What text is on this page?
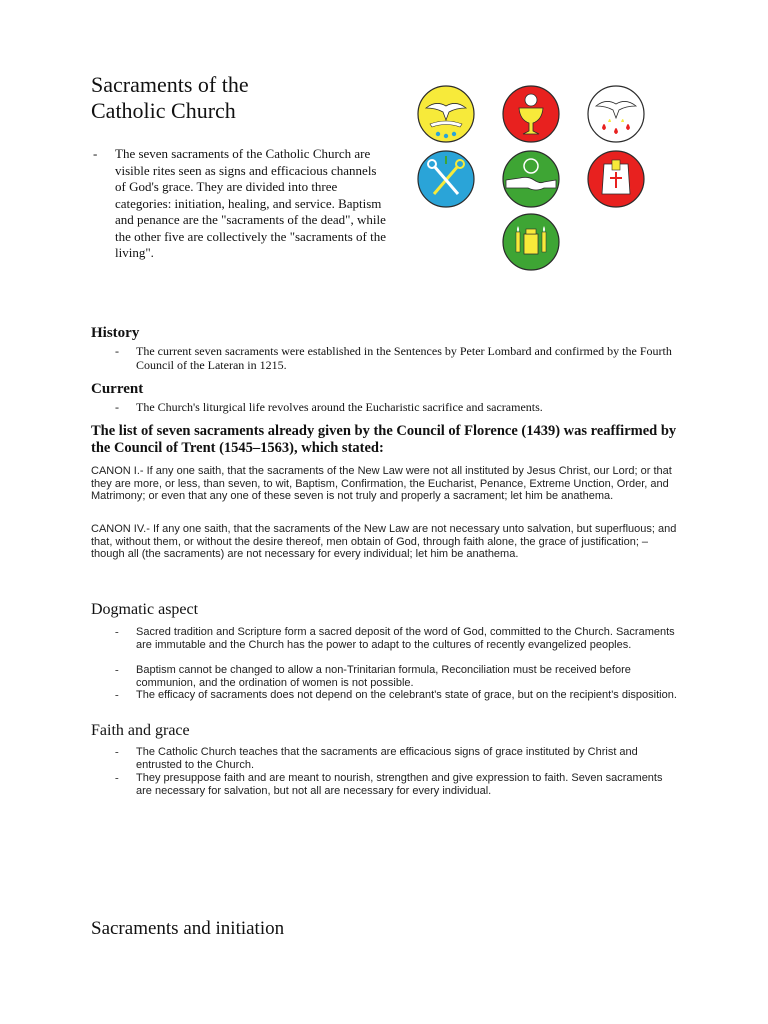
Sacraments of the
Catholic Church
- The seven sacraments of the Catholic Church are visible rites seen as signs and efficacious channels of God's grace. They are divided into three categories: initiation, healing, and service. Baptism and penance are the "sacraments of the dead", while the other five are collectively the "sacraments of the living".
History
- The current seven sacraments were established in the Sentences by Peter Lombard and confirmed by the Fourth Council of the Lateran in 1215.
Current
- The Church's liturgical life revolves around the Eucharistic sacrifice and sacraments.
The list of seven sacraments already given by the Council of Florence (1439) was reaffirmed by the Council of Trent (1545–1563), which stated:
CANON I.- If any one saith, that the sacraments of the New Law were not all instituted by Jesus Christ, our Lord; or that they are more, or less, than seven, to wit, Baptism, Confirmation, the Eucharist, Penance, Extreme Unction, Order, and Matrimony; or even that any one of these seven is not truly and properly a sacrament; let him be anathema.
CANON IV.- If any one saith, that the sacraments of the New Law are not necessary unto salvation, but superfluous; and that, without them, or without the desire thereof, men obtain of God, through faith alone, the grace of justification; – though all (the sacraments) are not necessary for every individual; let him be anathema.
Dogmatic aspect
- Sacred tradition and Scripture form a sacred deposit of the word of God, committed to the Church. Sacraments are immutable and the Church has the power to adapt to the cultures of recently evangelized peoples.
- Baptism cannot be changed to allow a non-Trinitarian formula, Reconciliation must be received before communion, and the ordination of women is not possible.
- The efficacy of sacraments does not depend on the celebrant's state of grace, but on the recipient's disposition.
Faith and grace
- The Catholic Church teaches that the sacraments are efficacious signs of grace instituted by Christ and entrusted to the Church.
- They presuppose faith and are meant to nourish, strengthen and give expression to faith. Seven sacraments are necessary for salvation, but not all are necessary for every individual.
Sacraments and initiation
